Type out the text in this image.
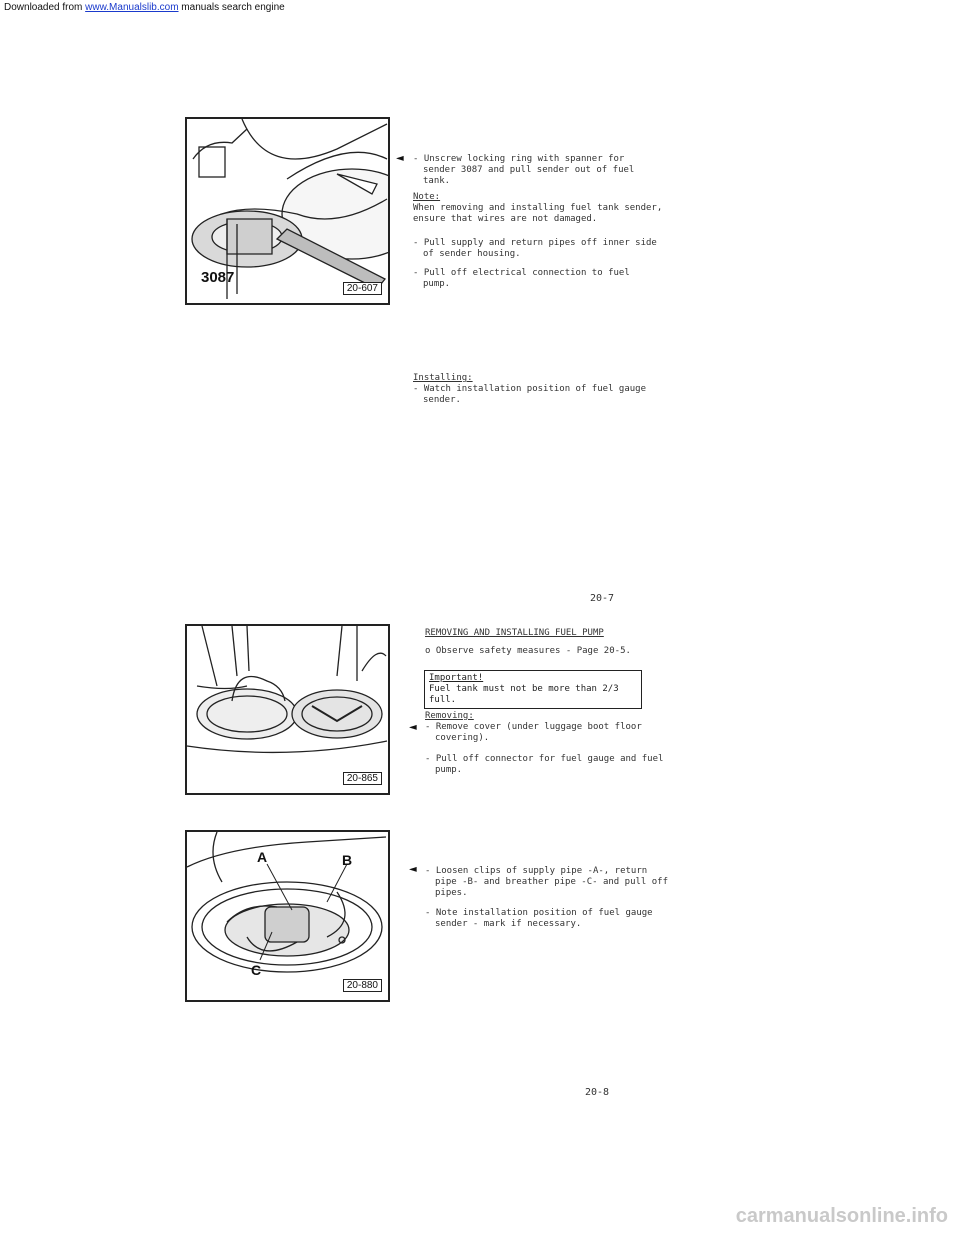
Downloaded from www.Manualslib.com manuals search engine
3087
20-607
◄ - Unscrew locking ring with spanner for

sender 3087 and pull sender out of fuel

tank.

Note:

When removing and installing fuel tank sender,

ensure that wires are not damaged.

- Pull supply and return pipes off inner side

of sender housing.

- Pull off electrical connection to fuel

pump.

Installing:

- Watch installation position of fuel gauge

sender.

20-7
20-865

REMOVING AND INSTALLING FUEL PUMP

o Observe safety measures - Page 20-5.

Important!

Fuel tank must not be more than 2/3 full.

◄

Removing:

- Remove cover (under luggage boot floor

covering).

- Pull off connector for fuel gauge and fuel

pump.

A	B
C
20-880
◄ - Loosen clips of supply pipe -A-, return

pipe -B- and breather pipe -C- and pull off

pipes.

- Note installation position of fuel gauge

sender - mark if necessary.

20-8
carmanualsonline.info
